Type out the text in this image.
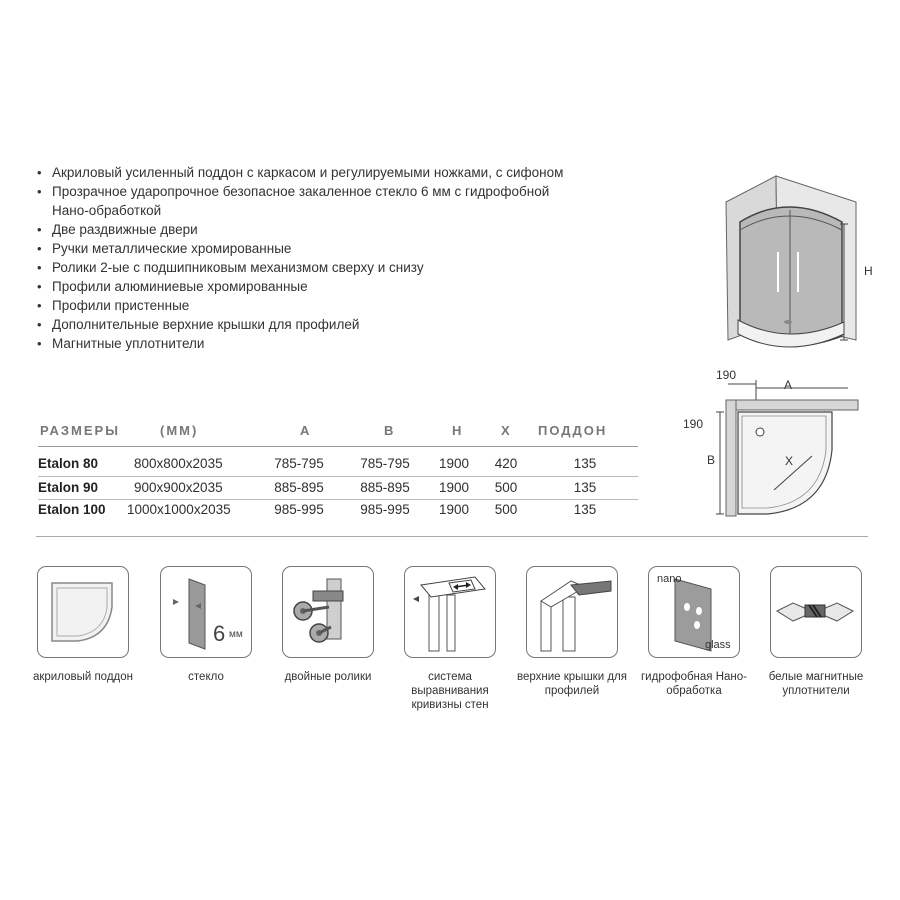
• Акриловый усиленный поддон с каркасом и регулируемыми ножками, с сифоном
• Прозрачное ударопрочное безопасное закаленное стекло 6 мм с гидрофобной Нано-обработкой
• Две раздвижные двери
• Ручки металлические хромированные
• Ролики 2-ые с подшипниковым механизмом сверху и снизу
• Профили алюминиевые хромированные
• Профили пристенные
• Дополнительные верхние крышки для профилей
• Магнитные уплотнители
H
190
A
190
B	X
РАЗМЕРЫ	(ММ)	A	B	H	X ПОДДОН
Etalon 80	800x800x2035	785-795	785-795 1900 420	135
Etalon 90	900x900x2035	885-895	885-895 1900 500	135
Etalon 100 1000x1000x2035	985-995	985-995 1900 500	135
акриловый поддон
6 мм
стекло	двойные ролики	система выравнивания кривизны стен
верхние крышки для профилей
nano
glass
гидрофобная Нано-обработка
белые магнитные уплотнители
